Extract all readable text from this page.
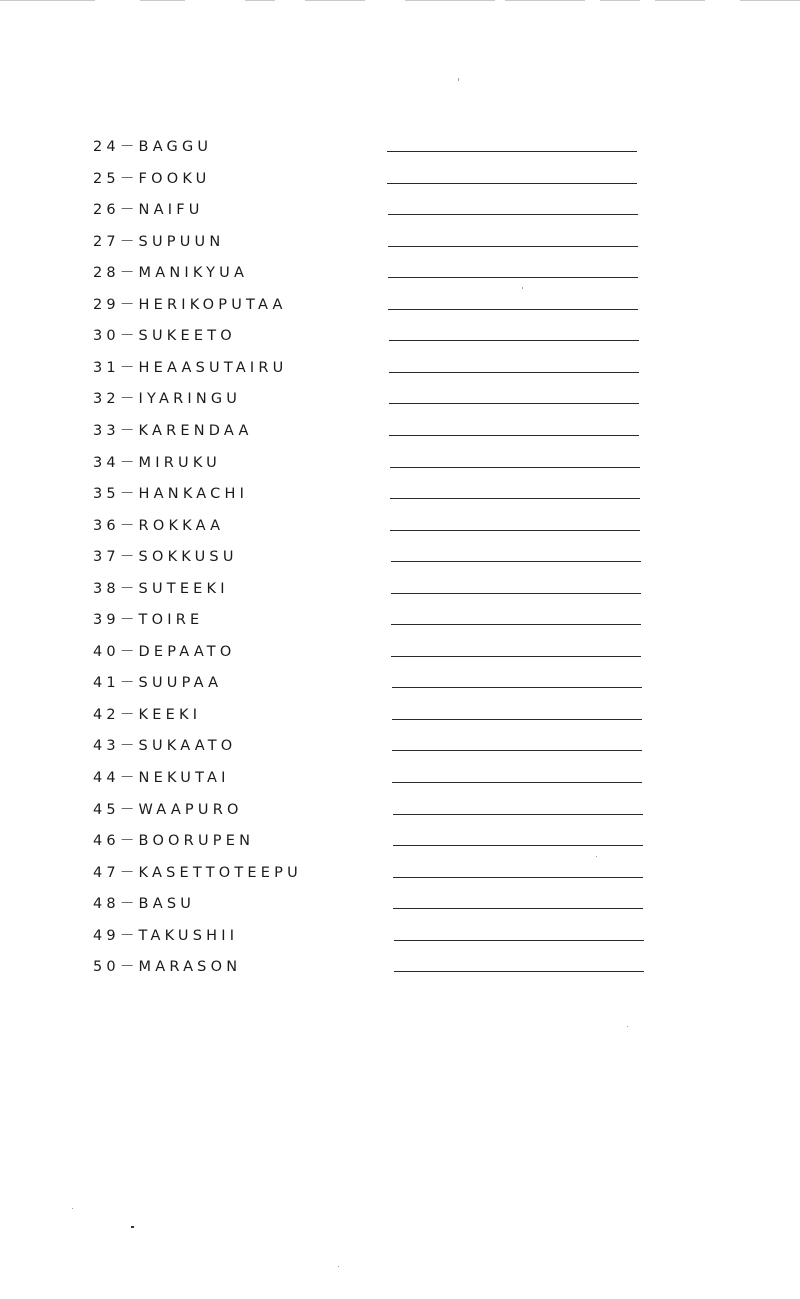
24－BAGGU
25－FOOKU
26－NAIFU
27－SUPUUN
28－MANIKYUA
29－HERIKOPUTAA
30－SUKEETO
31－HEAASUTAIRU
32－IYARINGU
33－KARENDAA
34－MIRUKU
35－HANKACHI
36－ROKKAA
37－SOKKUSU
38－SUTEEKI
39－TOIRE
40－DEPAATO
41－SUUPAA
42－KEEKI
43－SUKAATO
44－NEKUTAI
45－WAAPURO
46－BOORUPEN
47－KASETTOTEEPU
48－BASU
49－TAKUSHII
50－MARASON
